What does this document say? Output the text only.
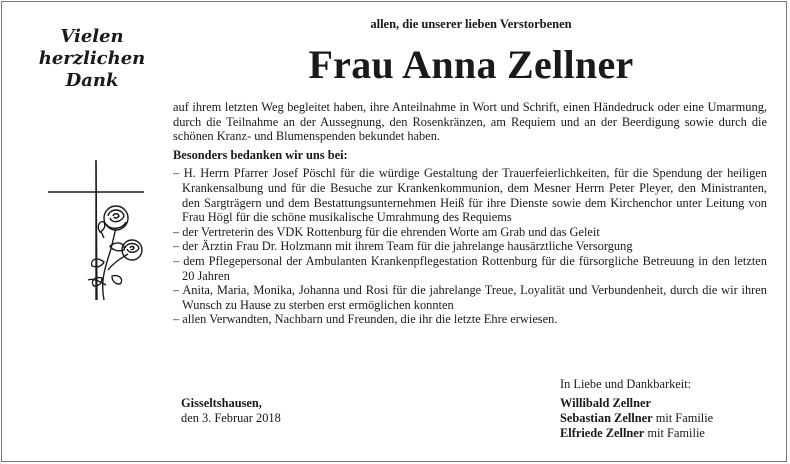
Vielen
herzlichen
Dank
allen, die unserer lieben Verstorbenen
Frau Anna Zellner

auf ihrem letzten Weg begleitet haben, ihre Anteilnahme in Wort und Schrift, einen Händedruck oder eine Umarmung, durch die Teilnahme an der Aussegnung, den Rosenkränzen, am Requiem und an der Beerdigung sowie durch die schönen Kranz- und Blumenspenden bekundet haben.

Besonders bedanken wir uns bei:

– H. Herrn Pfarrer Josef Pöschl für die würdige Gestaltung der Trauerfeierlichkeiten, für die Spendung der heiligen Krankensalbung und für die Besuche zur Krankenkommunion, dem Mesner Herrn Peter Pleyer, den Ministranten, den Sargträgern und dem Bestattungsunternehmen Heiß für ihre Dienste sowie dem Kirchenchor unter Leitung von Frau Högl für die schöne musikalische Umrahmung des Requiems
– der Vertreterin des VDK Rottenburg für die ehrenden Worte am Grab und das Geleit
– der Ärztin Frau Dr. Holzmann mit ihrem Team für die jahrelange hausärztliche Versorgung
– dem Pflegepersonal der Ambulanten Krankenpflegestation Rottenburg für die fürsorgliche Betreuung in den letzten 20 Jahren
– Anita, Maria, Monika, Johanna und Rosi für die jahrelange Treue, Loyalität und Verbundenheit, durch die wir ihren Wunsch zu Hause zu sterben erst ermöglichen konnten
– allen Verwandten, Nachbarn und Freunden, die ihr die letzte Ehre erwiesen.
Gisseltshausen,
den 3. Februar 2018
In Liebe und Dankbarkeit:
Willibald Zellner
Sebastian Zellner mit Familie
Elfriede Zellner mit Familie
